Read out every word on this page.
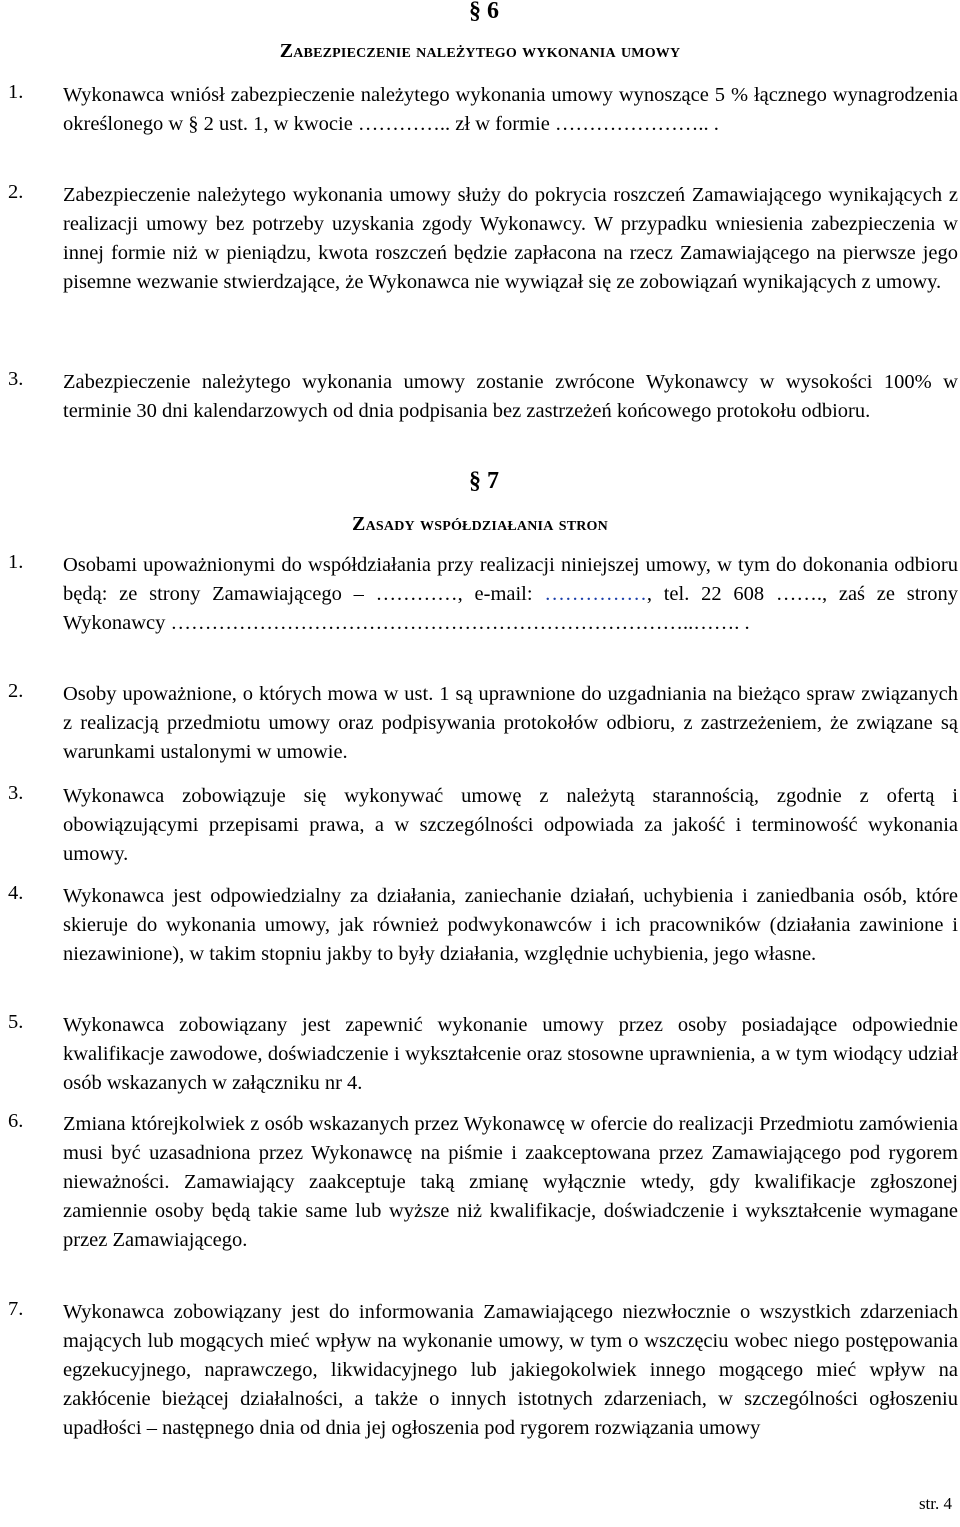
§ 6
Zabezpieczenie należytego wykonania umowy
1. Wykonawca wniósł zabezpieczenie należytego wykonania umowy wynoszące 5 % łącznego wynagrodzenia określonego w § 2 ust. 1, w kwocie ………….. zł w formie ………………….. .
2. Zabezpieczenie należytego wykonania umowy służy do pokrycia roszczeń Zamawiającego wynikających z realizacji umowy bez potrzeby uzyskania zgody Wykonawcy. W przypadku wniesienia zabezpieczenia w innej formie niż w pieniądzu, kwota roszczeń będzie zapłacona na rzecz Zamawiającego na pierwsze jego pisemne wezwanie stwierdzające, że Wykonawca nie wywiązał się ze zobowiązań wynikających z umowy.
3. Zabezpieczenie należytego wykonania umowy zostanie zwrócone Wykonawcy w wysokości 100% w terminie 30 dni kalendarzowych od dnia podpisania bez zastrzeżeń końcowego protokołu odbioru.
§ 7
Zasady współdziałania stron
1. Osobami upoważnionymi do współdziałania przy realizacji niniejszej umowy, w tym do dokonania odbioru będą: ze strony Zamawiającego – …………, e-mail: ……………, tel. 22 608 ……., zaś ze strony Wykonawcy …………………………………………………………………..……. .
2. Osoby upoważnione, o których mowa w ust. 1 są uprawnione do uzgadniania na bieżąco spraw związanych z realizacją przedmiotu umowy oraz podpisywania protokołów odbioru, z zastrzeżeniem, że związane są warunkami ustalonymi w umowie.
3. Wykonawca zobowiązuje się wykonywać umowę z należytą starannością, zgodnie z ofertą i obowiązującymi przepisami prawa, a w szczególności odpowiada za jakość i terminowość wykonania umowy.
4. Wykonawca jest odpowiedzialny za działania, zaniechanie działań, uchybienia i zaniedbania osób, które skieruje do wykonania umowy, jak również podwykonawców i ich pracowników (działania zawinione i niezawinione), w takim stopniu jakby to były działania, względnie uchybienia, jego własne.
5. Wykonawca zobowiązany jest zapewnić wykonanie umowy przez osoby posiadające odpowiednie kwalifikacje zawodowe, doświadczenie i wykształcenie oraz stosowne uprawnienia, a w tym wiodący udział osób wskazanych w załączniku nr 4.
6. Zmiana którejkolwiek z osób wskazanych przez Wykonawcę w ofercie do realizacji Przedmiotu zamówienia musi być uzasadniona przez Wykonawcę na piśmie i zaakceptowana przez Zamawiającego pod rygorem nieważności. Zamawiający zaakceptuje taką zmianę wyłącznie wtedy, gdy kwalifikacje zgłoszonej zamiennie osoby będą takie same lub wyższe niż kwalifikacje, doświadczenie i wykształcenie wymagane przez Zamawiającego.
7. Wykonawca zobowiązany jest do informowania Zamawiającego niezwłocznie o wszystkich zdarzeniach mających lub mogących mieć wpływ na wykonanie umowy, w tym o wszczęciu wobec niego postępowania egzekucyjnego, naprawczego, likwidacyjnego lub jakiegokolwiek innego mogącego mieć wpływ na zakłócenie bieżącej działalności, a także o innych istotnych zdarzeniach, w szczególności ogłoszeniu upadłości – następnego dnia od dnia jej ogłoszenia pod rygorem rozwiązania umowy
str. 4
